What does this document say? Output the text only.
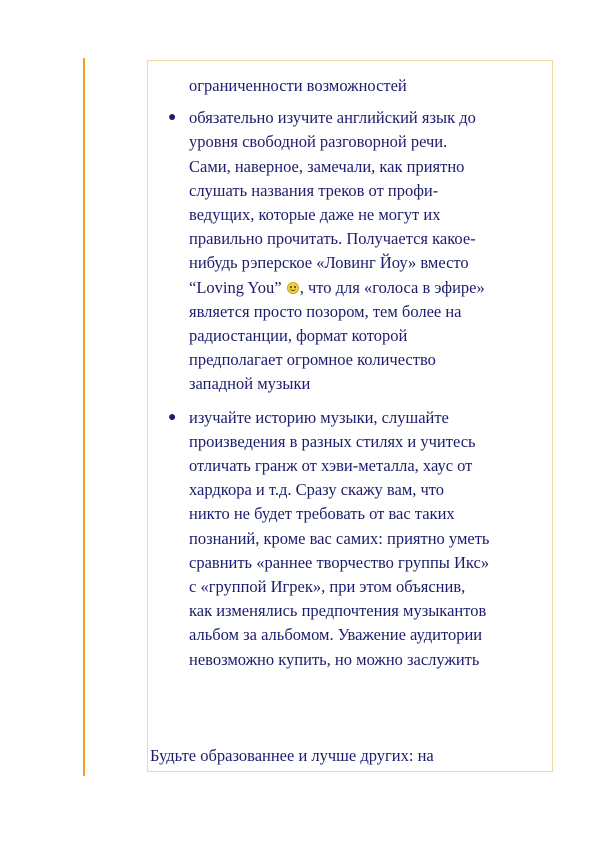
ограниченности возможностей
● обязательно изучите английский язык до
уровня свободной разговорной речи.
Сами, наверное, замечали, как приятно
слушать названия треков от профи-
ведущих, которые даже не могут их
правильно прочитать. Получается какое-
нибудь рэперское «Ловинг Йоу» вместо
“Loving You” , что для «голоса в эфире»
является просто позором, тем более на
радиостанции, формат которой
предполагает огромное количество
западной музыки
● изучайте историю музыки, слушайте
произведения в разных стилях и учитесь
отличать гранж от хэви-металла, хаус от
хардкора и т.д. Сразу скажу вам, что
никто не будет требовать от вас таких
познаний, кроме вас самих: приятно уметь
сравнить «раннее творчество группы Икс»
с «группой Игрек», при этом объяснив,
как изменялись предпочтения музыкантов
альбом за альбомом. Уважение аудитории
невозможно купить, но можно заслужить
Будьте образованнее и лучше других: на
